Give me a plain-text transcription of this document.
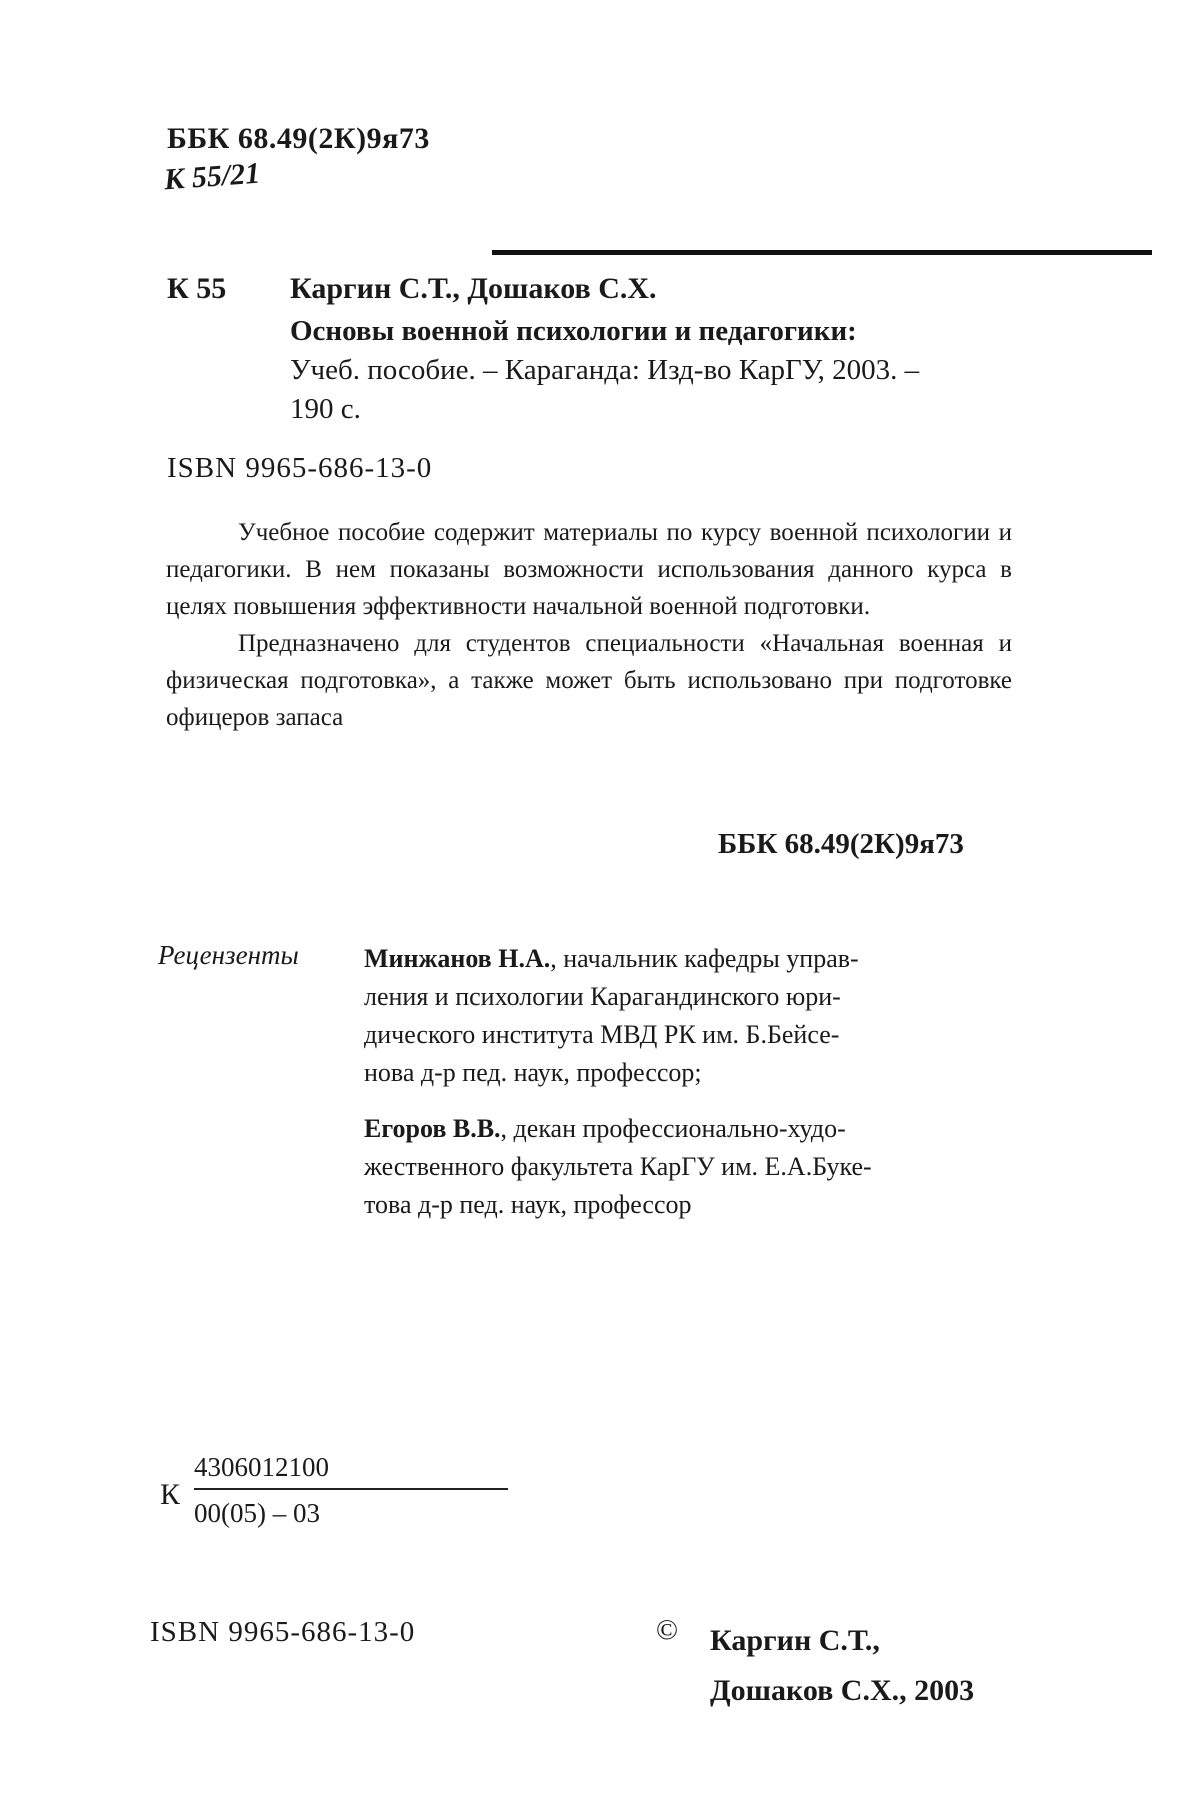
ББК 68.49(2К)9я73
К 55/21
К 55 Каргин С.Т., Дошаков С.Х.
Основы военной психологии и педагогики:
Учеб. пособие. – Караганда: Изд-во КарГУ, 2003. –
190 с.
ISBN 9965-686-13-0

Учебное пособие содержит материалы по курсу военной психологии и педагогики. В нем показаны возможности использования данного курса в целях повышения эффективности начальной военной подготовки.

Предназначено для студентов специальности «Начальная военная и физическая подготовка», а также может быть использовано при подготовке офицеров запаса

ББК 68.49(2К)9я73
Рецензенты	Минжанов Н.А., начальник кафедры управ-
ления и психологии Карагандинского юри-
дического института МВД РК им. Б.Бейсе-
нова д-р пед. наук, профессор;
Егоров В.В., декан профессионально-худо-
жественного факультета КарГУ им. Е.А.Буке-
това д-р пед. наук, профессор
К
4306012100
00(05) – 03
ISBN 9965-686-13-0	© Каргин С.Т.,
Дошаков С.Х., 2003
